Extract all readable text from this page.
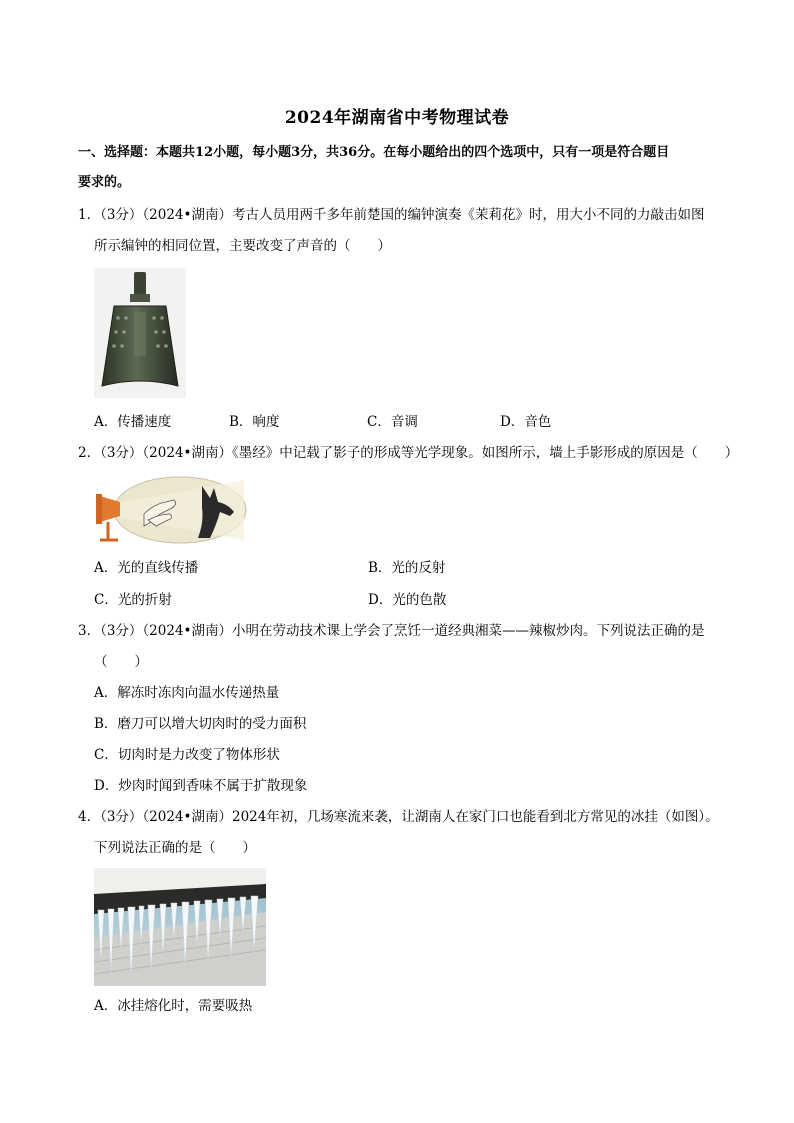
2024年湖南省中考物理试卷
一、选择题：本题共12小题，每小题3分，共36分。在每小题给出的四个选项中，只有一项是符合题目
要求的。
1．（3分）（2024•湖南）考古人员用两千多年前楚国的编钟演奏《茉莉花》时，用大小不同的力敲击如图
所示编钟的相同位置，主要改变了声音的（　　）
A．传播速度	B．响度	C．音调	D．音色
2．（3分）（2024•湖南）《墨经》中记载了影子的形成等光学现象。如图所示，墙上手影形成的原因是（　　）
A．光的直线传播	B．光的反射
C．光的折射	D．光的色散
3．（3分）（2024•湖南）小明在劳动技术课上学会了烹饪一道经典湘菜——辣椒炒肉。下列说法正确的是
（　　）
A．解冻时冻肉向温水传递热量
B．磨刀可以增大切肉时的受力面积
C．切肉时是力改变了物体形状
D．炒肉时闻到香味不属于扩散现象
4．（3分）（2024•湖南）2024年初，几场寒流来袭，让湖南人在家门口也能看到北方常见的冰挂（如图）。
下列说法正确的是（　　）
A．冰挂熔化时，需要吸热
